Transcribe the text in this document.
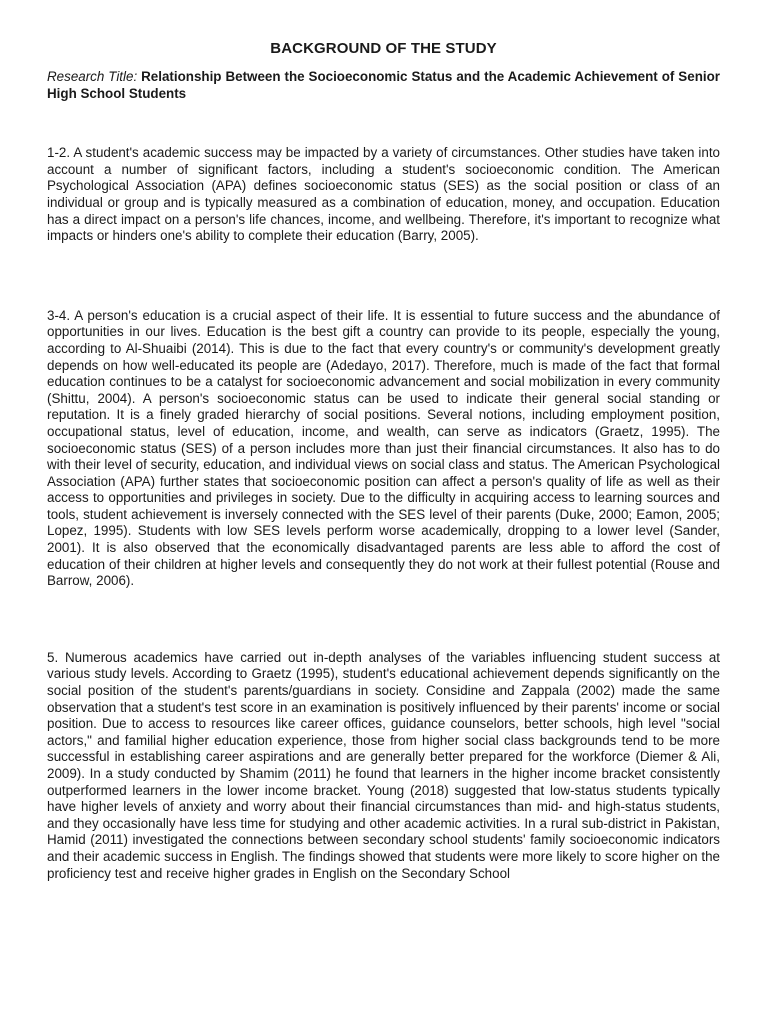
BACKGROUND OF THE STUDY

Research Title: Relationship Between the Socioeconomic Status and the Academic Achievement of Senior High School Students

1-2. A student's academic success may be impacted by a variety of circumstances. Other studies have taken into account a number of significant factors, including a student's socioeconomic condition. The American Psychological Association (APA) defines socioeconomic status (SES) as the social position or class of an individual or group and is typically measured as a combination of education, money, and occupation. Education has a direct impact on a person's life chances, income, and wellbeing. Therefore, it's important to recognize what impacts or hinders one's ability to complete their education (Barry, 2005).

3-4. A person's education is a crucial aspect of their life. It is essential to future success and the abundance of opportunities in our lives. Education is the best gift a country can provide to its people, especially the young, according to Al-Shuaibi (2014). This is due to the fact that every country's or community's development greatly depends on how well-educated its people are (Adedayo, 2017). Therefore, much is made of the fact that formal education continues to be a catalyst for socioeconomic advancement and social mobilization in every community (Shittu, 2004). A person's socioeconomic status can be used to indicate their general social standing or reputation. It is a finely graded hierarchy of social positions. Several notions, including employment position, occupational status, level of education, income, and wealth, can serve as indicators (Graetz, 1995). The socioeconomic status (SES) of a person includes more than just their financial circumstances. It also has to do with their level of security, education, and individual views on social class and status. The American Psychological Association (APA) further states that socioeconomic position can affect a person's quality of life as well as their access to opportunities and privileges in society. Due to the difficulty in acquiring access to learning sources and tools, student achievement is inversely connected with the SES level of their parents (Duke, 2000; Eamon, 2005; Lopez, 1995). Students with low SES levels perform worse academically, dropping to a lower level (Sander, 2001). It is also observed that the economically disadvantaged parents are less able to afford the cost of education of their children at higher levels and consequently they do not work at their fullest potential (Rouse and Barrow, 2006).

5. Numerous academics have carried out in-depth analyses of the variables influencing student success at various study levels. According to Graetz (1995), student's educational achievement depends significantly on the social position of the student's parents/guardians in society. Considine and Zappala (2002) made the same observation that a student's test score in an examination is positively influenced by their parents' income or social position. Due to access to resources like career offices, guidance counselors, better schools, high level "social actors," and familial higher education experience, those from higher social class backgrounds tend to be more successful in establishing career aspirations and are generally better prepared for the workforce (Diemer & Ali, 2009). In a study conducted by Shamim (2011) he found that learners in the higher income bracket consistently outperformed learners in the lower income bracket. Young (2018) suggested that low-status students typically have higher levels of anxiety and worry about their financial circumstances than mid- and high-status students, and they occasionally have less time for studying and other academic activities. In a rural sub-district in Pakistan, Hamid (2011) investigated the connections between secondary school students' family socioeconomic indicators and their academic success in English. The findings showed that students were more likely to score higher on the proficiency test and receive higher grades in English on the Secondary School
